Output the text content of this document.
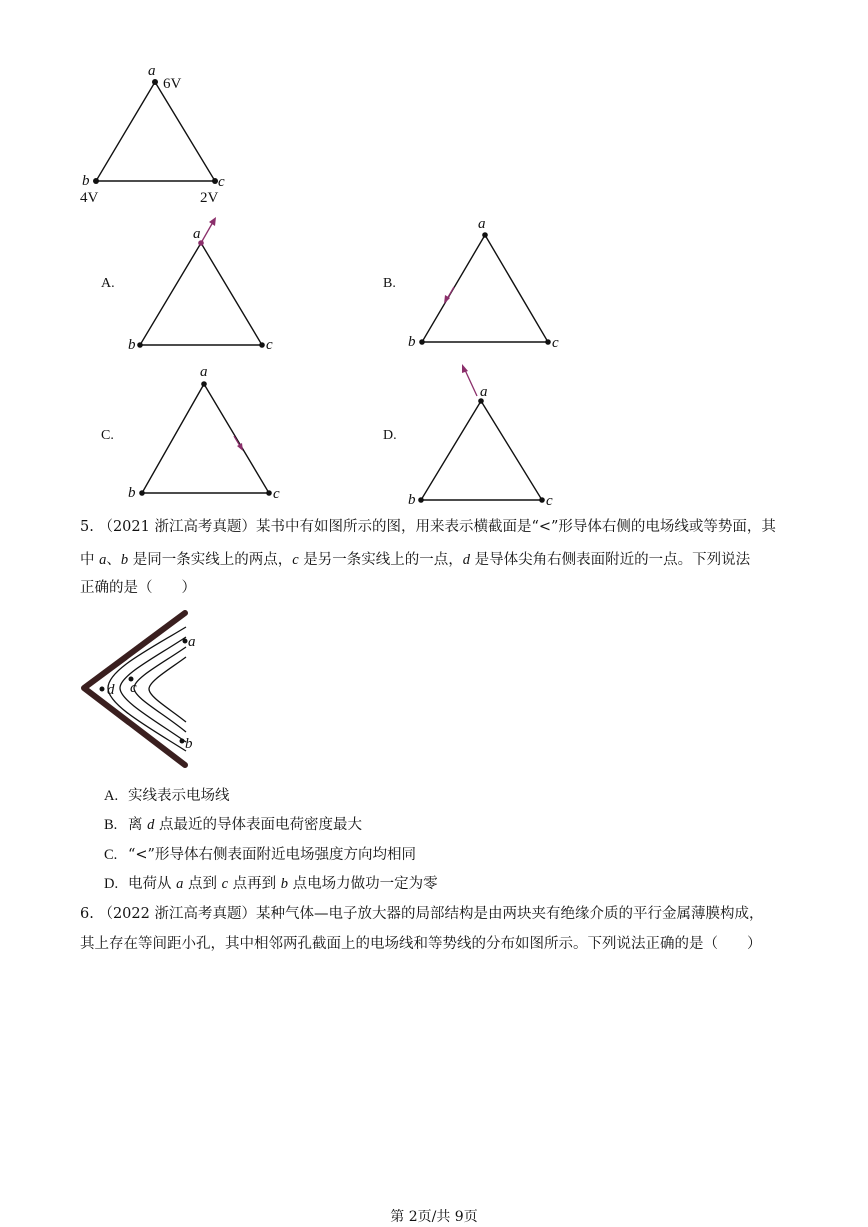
a
6V
b
4V
c
2V
A.
a
b	c
B.
a
b	c
C.
a
b	c
D.
a
b	c
5. （2021 浙江高考真题）某书中有如图所示的图，用来表示横截面是“<”形导体右侧的电场线或等势面，其
中 a、b 是同一条实线上的两点，c 是另一条实线上的一点，d 是导体尖角右侧表面附近的一点。下列说法
正确的是（　　）
a
b
c
d
A. 实线表示电场线
B. 离 d 点最近的导体表面电荷密度最大
C. “<”形导体右侧表面附近电场强度方向均相同
D. 电荷从 a 点到 c 点再到 b 点电场力做功一定为零
6. （2022 浙江高考真题）某种气体—电子放大器的局部结构是由两块夹有绝缘介质的平行金属薄膜构成，
其上存在等间距小孔，其中相邻两孔截面上的电场线和等势线的分布如图所示。下列说法正确的是（　　）
第 2页/共 9页
